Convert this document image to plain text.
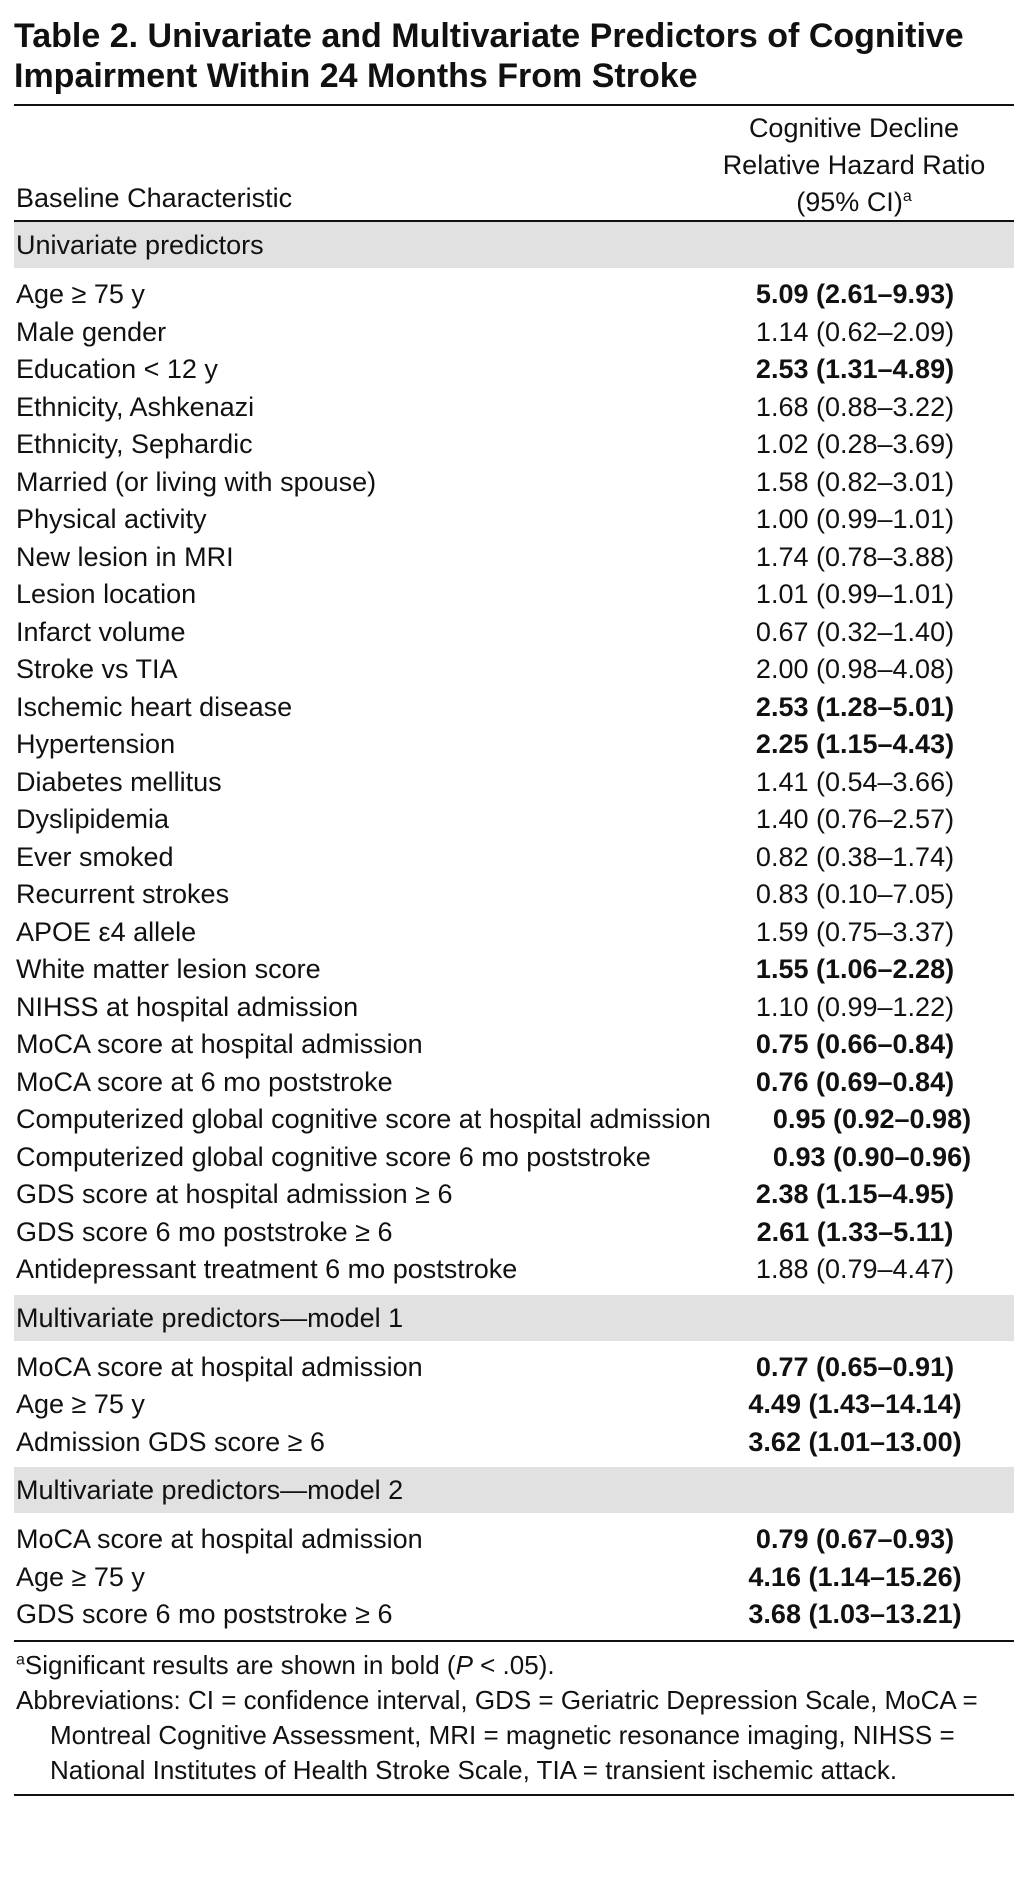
Table 2. Univariate and Multivariate Predictors of Cognitive Impairment Within 24 Months From Stroke
Baseline Characteristic
Cognitive Decline
Relative Hazard Ratio
(95% CI)$^a$
Univariate predictors
Age ≥ 75 y	5.09 (2.61–9.93)
Male gender	1.14 (0.62–2.09)
Education < 12 y	2.53 (1.31–4.89)
Ethnicity, Ashkenazi	1.68 (0.88–3.22)
Ethnicity, Sephardic	1.02 (0.28–3.69)
Married (or living with spouse)	1.58 (0.82–3.01)
Physical activity	1.00 (0.99–1.01)
New lesion in MRI	1.74 (0.78–3.88)
Lesion location	1.01 (0.99–1.01)
Infarct volume	0.67 (0.32–1.40)
Stroke vs TIA	2.00 (0.98–4.08)
Ischemic heart disease	2.53 (1.28–5.01)
Hypertension	2.25 (1.15–4.43)
Diabetes mellitus	1.41 (0.54–3.66)
Dyslipidemia	1.40 (0.76–2.57)
Ever smoked	0.82 (0.38–1.74)
Recurrent strokes	0.83 (0.10–7.05)
APOE ε4 allele	1.59 (0.75–3.37)
White matter lesion score	1.55 (1.06–2.28)
NIHSS at hospital admission	1.10 (0.99–1.22)
MoCA score at hospital admission	0.75 (0.66–0.84)
MoCA score at 6 mo poststroke	0.76 (0.69–0.84)
Computerized global cognitive score at hospital admission	0.95 (0.92–0.98)
Computerized global cognitive score 6 mo poststroke	0.93 (0.90–0.96)
GDS score at hospital admission ≥ 6	2.38 (1.15–4.95)
GDS score 6 mo poststroke ≥ 6	2.61 (1.33–5.11)
Antidepressant treatment 6 mo poststroke	1.88 (0.79–4.47)
Multivariate predictors—model 1
MoCA score at hospital admission	0.77 (0.65–0.91)
Age ≥ 75 y	4.49 (1.43–14.14)
Admission GDS score ≥ 6	3.62 (1.01–13.00)
Multivariate predictors—model 2
MoCA score at hospital admission	0.79 (0.67–0.93)
Age ≥ 75 y	4.16 (1.14–15.26)
GDS score 6 mo poststroke ≥ 6	3.68 (1.03–13.21)
$^a$Significant results are shown in bold (P < .05).
Abbreviations: CI = confidence interval, GDS = Geriatric Depression Scale, MoCA = Montreal Cognitive Assessment, MRI = magnetic resonance imaging, NIHSS = National Institutes of Health Stroke Scale, TIA = transient ischemic attack.
